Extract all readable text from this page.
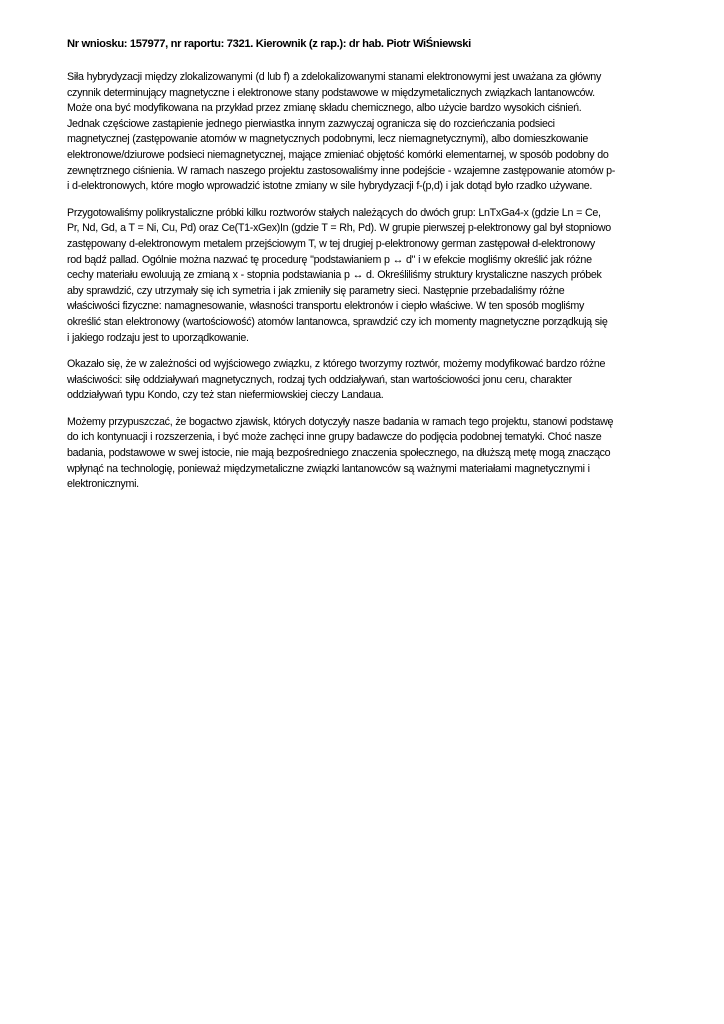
Nr wniosku: 157977, nr raportu: 7321. Kierownik (z rap.): dr hab. Piotr WiŚniewski
Siła hybrydyzacji między zlokalizowanymi (d lub f) a zdelokalizowanymi stanami elektronowymi jest uważana za główny
czynnik determinujący magnetyczne i elektronowe stany podstawowe w międzymetalicznych związkach lantanowców.
Może ona być modyfikowana na przykład przez zmianę składu chemicznego, albo użycie bardzo wysokich ciśnień.
Jednak częściowe zastąpienie jednego pierwiastka innym zazwyczaj ogranicza się do rozcieńczania podsieci
magnetycznej (zastępowanie atomów w magnetycznych podobnymi, lecz niemagnetycznymi), albo domieszkowanie
elektronowe/dziurowe podsieci niemagnetycznej, mające zmieniać objętość komórki elementarnej, w sposób podobny do
zewnętrznego ciśnienia. W ramach naszego projektu zastosowaliśmy inne podejście - wzajemne zastępowanie atomów p-
i d-elektronowych, które mogło wprowadzić istotne zmiany w sile hybrydyzacji f-(p,d) i jak dotąd było rzadko używane.
Przygotowaliśmy polikrystaliczne próbki kilku roztworów stałych należących do dwóch grup: LnTxGa4-x (gdzie Ln = Ce,
Pr, Nd, Gd, a T = Ni, Cu, Pd) oraz Ce(T1-xGex)In (gdzie T = Rh, Pd). W grupie pierwszej p-elektronowy gal był stopniowo
zastępowany d-elektronowym metalem przejściowym T, w tej drugiej p-elektronowy german zastępował d-elektronowy
rod bądź pallad. Ogólnie można nazwać tę procedurę "podstawianiem p ↔ d" i w efekcie mogliśmy określić jak różne
cechy materiału ewoluują ze zmianą x - stopnia podstawiania p ↔ d. Określiliśmy struktury krystaliczne naszych próbek
aby sprawdzić, czy utrzymały się ich symetria i jak zmieniły się parametry sieci. Następnie przebadaliśmy różne
właściwości fizyczne: namagnesowanie, własności transportu elektronów i ciepło właściwe. W ten sposób mogliśmy
określić stan elektronowy (wartościowość) atomów lantanowca, sprawdzić czy ich momenty magnetyczne porządkują się
i jakiego rodzaju jest to uporządkowanie.
Okazało się, że w zależności od wyjściowego związku, z którego tworzymy roztwór, możemy modyfikować bardzo różne
właściwości: siłę oddziaływań magnetycznych, rodzaj tych oddziaływań, stan wartościowości jonu ceru, charakter
oddziaływań typu Kondo, czy też stan niefermiowskiej cieczy Landaua.
Możemy przypuszczać, że bogactwo zjawisk, których dotyczyły nasze badania w ramach tego projektu, stanowi podstawę
do ich kontynuacji i rozszerzenia, i być może zachęci inne grupy badawcze do podjęcia podobnej tematyki. Choć nasze
badania, podstawowe w swej istocie, nie mają bezpośredniego znaczenia społecznego, na dłuższą metę mogą znacząco
wpłynąć na technologię, ponieważ międzymetaliczne związki lantanowców są ważnymi materiałami magnetycznymi i
elektronicznymi.
